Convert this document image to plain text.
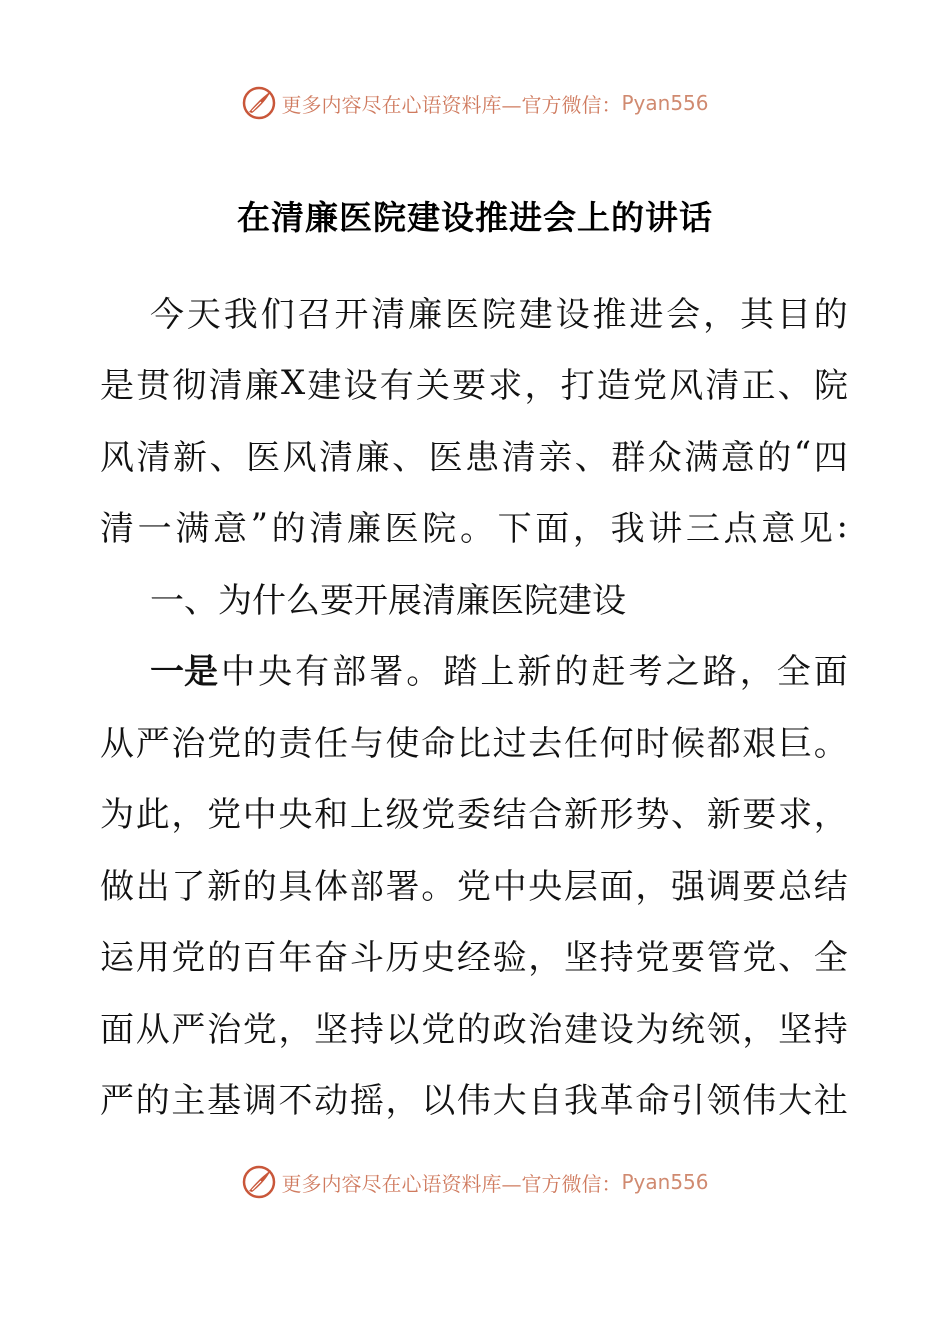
更多内容尽在心语资料库—官方微信： Pyan556
在清廉医院建设推进会上的讲话
今 天 我 们 召 开 清 廉 医 院 建 设 推 进 会 ， 其 目 的
是 贯 彻 清 廉 X 建 设 有 关 要 求 ， 打 造 党 风 清 正 、 院
风 清 新 、 医 风 清 廉 、 医 患 清 亲 、 群 众 满 意 的 “ 四
清 一 满 意 ” 的 清 廉 医 院 。 下 面 ， 我 讲 三 点 意 见 :
一 、 为 什 么 要 开 展 清 廉 医 院 建 设
一是 中 央 有 部 署 。 踏 上 新 的 赶 考 之 路 ， 全 面
从 严 治 党 的 责 任 与 使 命 比 过 去 任 何 时 候 都 艰 巨 。
为 此 ， 党 中 央 和 上 级 党 委 结 合 新 形 势 、 新 要 求 ，
做 出 了 新 的 具 体 部 署 。 党 中 央 层 面 ， 强 调 要 总 结
运 用 党 的 百 年 奋 斗 历 史 经 验 ， 坚 持 党 要 管 党 、 全
面 从 严 治 党 ， 坚 持 以 党 的 政 治 建 设 为 统 领 ， 坚 持
严 的 主 基 调 不 动 摇 ， 以 伟 大 自 我 革 命 引 领 伟 大 社
更多内容尽在心语资料库—官方微信： Pyan556
